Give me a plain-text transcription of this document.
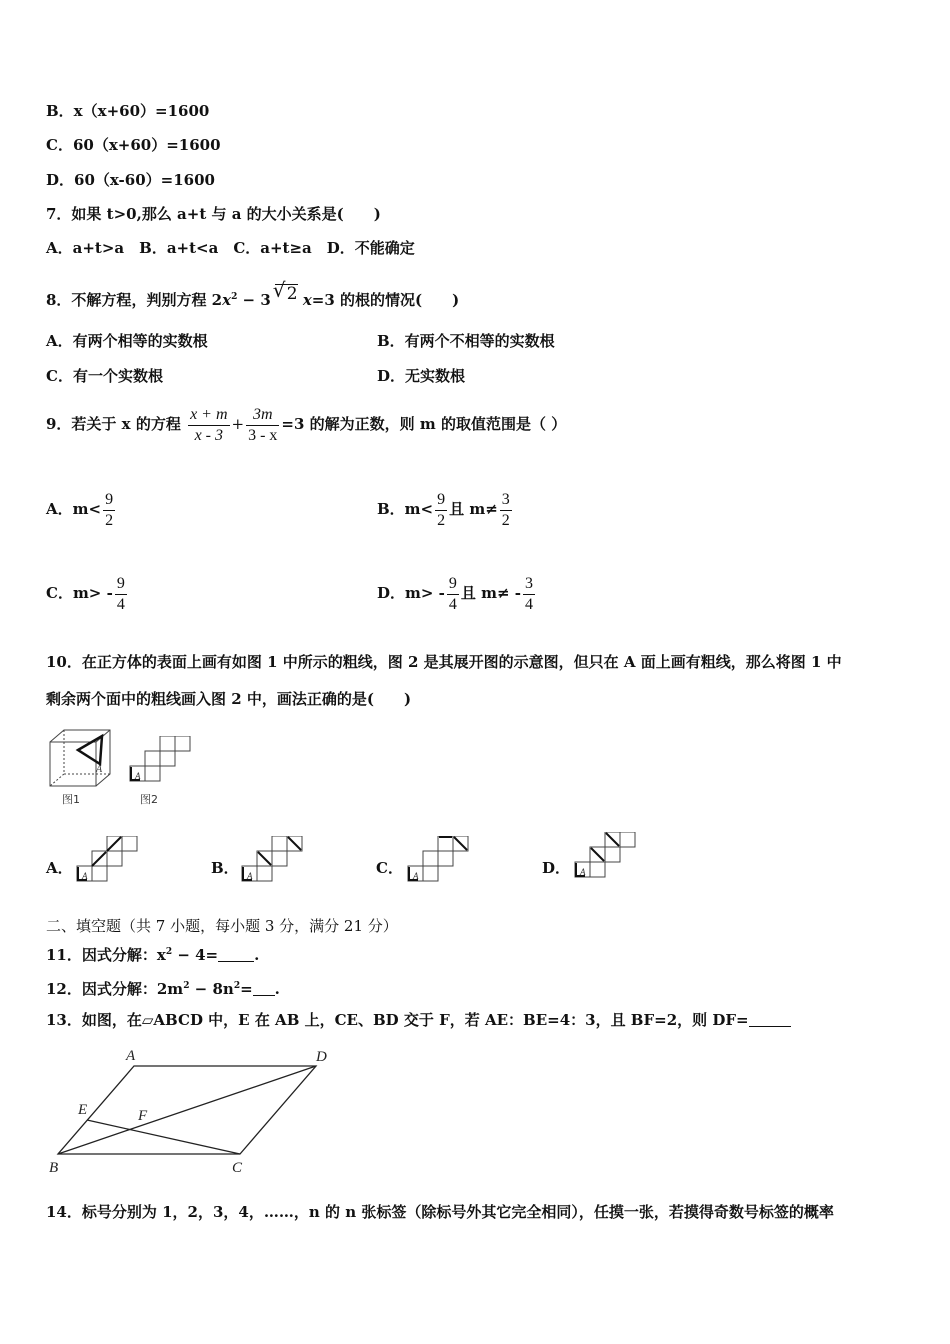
B．x（x+60）=1600
C．60（x+60）=1600
D．60（x-60）=1600
7．如果 t>0,那么 a+t 与 a 的大小关系是(　　)
A．a+t>a　B．a+t<a　C．a+t≥a　D．不能确定
8．不解方程，判别方程 $2x^2 - 3√$ 2 x=3 的根的情况(　　)
A．有两个相等的实数根	B．有两个不相等的实数根
C．有一个实数根	D．无实数根
9．若关于 x 的方程 $\frac{x + m}{x - 3} + \frac{3m}{3 - x} =3$ 的解为正数，则 m 的取值范围是（ ）
A．$m< \frac{9}{2}$	B．$m< \frac{9}{2}$ 且 $m\ne \frac{3}{2}$
C．$m> - \frac{9}{4}$	D．$m> - \frac{9}{4}$ 且 $m\ne - \frac{3}{4}$
10．在正方体的表面上画有如图 1 中所示的粗线，图 2 是其展开图的示意图，但只在 A 面上画有粗线，那么将图 1 中
剩余两个面中的粗线画入图 2 中，画法正确的是(　　)
A
图1
A
图2
A． A	B． A	C． A	D． A
二、填空题（共 7 小题，每小题 3 分，满分 21 分）
11．因式分解：$x^2 - 4=$ .
12．因式分解：$2m^2 - 8n^2=$ .
13．如图，在▱ABCD 中，E 在 AB 上，CE、BD 交于 F，若 AE：BE=4：3，且 BF=2，则 DF=
A	D
E	F
B	C
14．标号分别为 1，2，3，4，……，n 的 n 张标签（除标号外其它完全相同），任摸一张，若摸得奇数号标签的概率
